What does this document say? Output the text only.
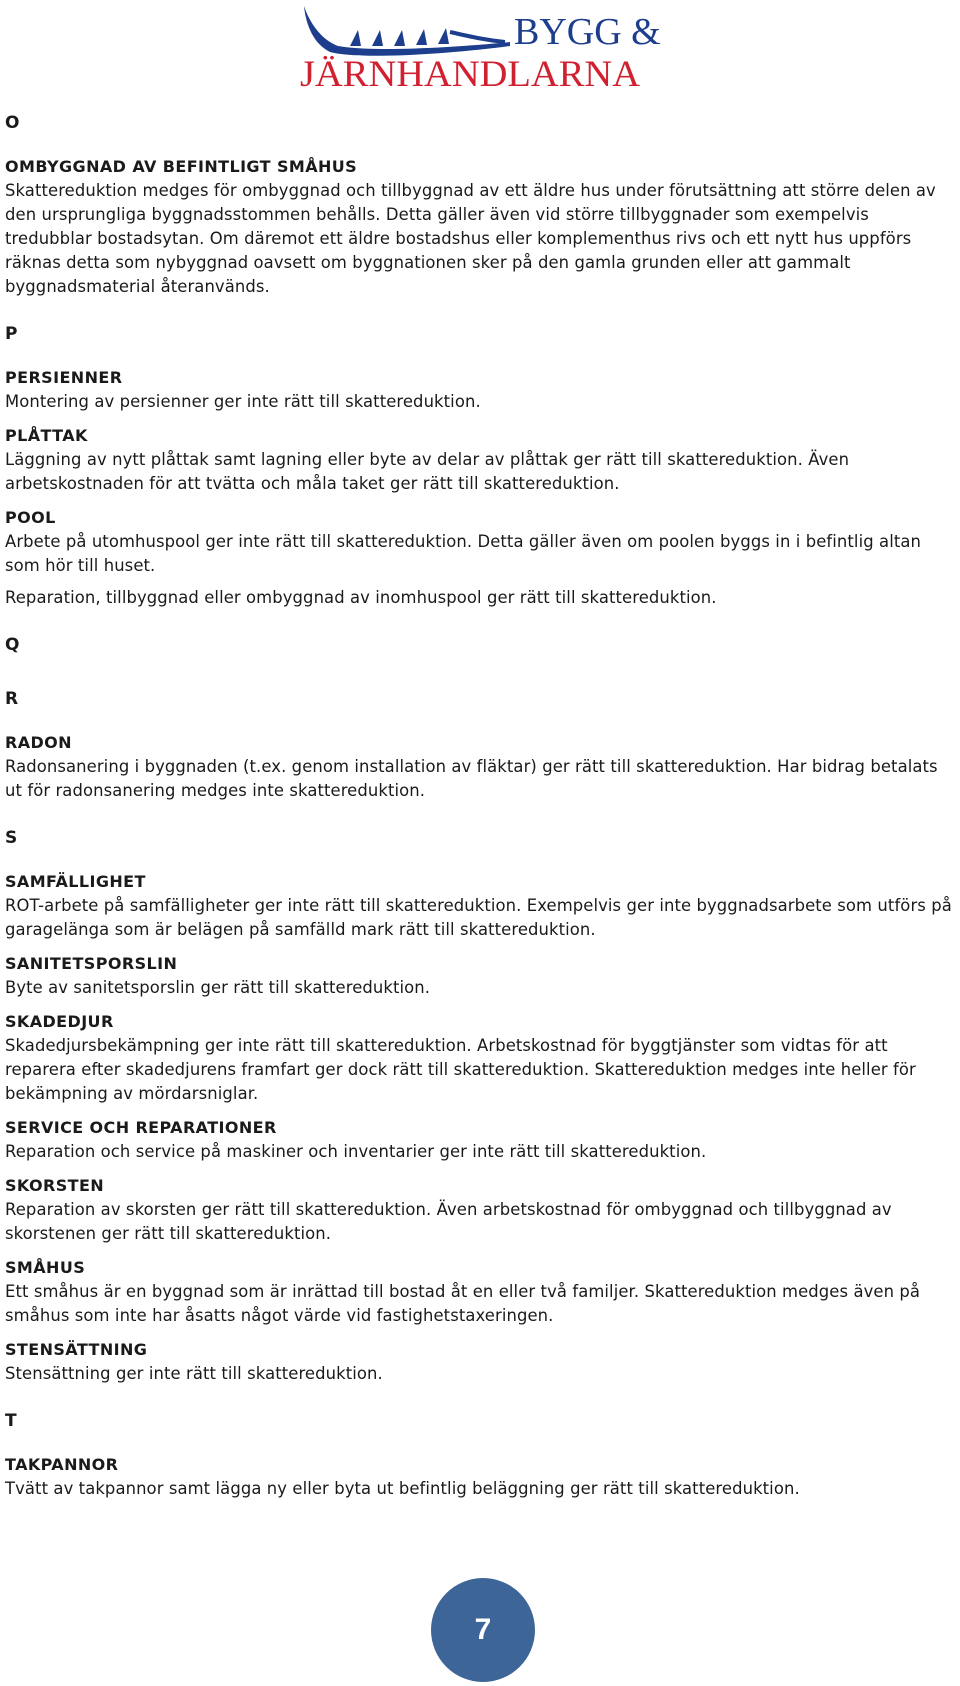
BYGG &
JÄRNHANDLARNA
O
OMBYGGNAD AV BEFINTLIGT SMÅHUS
Skattereduktion medges för ombyggnad och tillbyggnad av ett äldre hus under förutsättning att större delen av den ursprungliga byggnadsstommen behålls. Detta gäller även vid större tillbyggnader som exempelvis tredubblar bostadsytan. Om däremot ett äldre bostadshus eller komplementhus rivs och ett nytt hus uppförs räknas detta som nybyggnad oavsett om byggnationen sker på den gamla grunden eller att gammalt byggnadsmaterial återanvänds.
P
PERSIENNER
Montering av persienner ger inte rätt till skattereduktion.
PLÅTTAK
Läggning av nytt plåttak samt lagning eller byte av delar av plåttak ger rätt till skattereduktion. Även arbetskostnaden för att tvätta och måla taket ger rätt till skattereduktion.
POOL
Arbete på utomhuspool ger inte rätt till skattereduktion. Detta gäller även om poolen byggs in i befintlig altan som hör till huset.
Reparation, tillbyggnad eller ombyggnad av inomhuspool ger rätt till skattereduktion.
Q
R
RADON
Radonsanering i byggnaden (t.ex. genom installation av fläktar) ger rätt till skattereduktion. Har bidrag betalats ut för radonsanering medges inte skattereduktion.
S
SAMFÄLLIGHET
ROT-arbete på samfälligheter ger inte rätt till skattereduktion. Exempelvis ger inte byggnadsarbete som utförs på garagelänga som är belägen på samfälld mark rätt till skattereduktion.
SANITETSPORSLIN
Byte av sanitetsporslin ger rätt till skattereduktion.
SKADEDJUR
Skadedjursbekämpning ger inte rätt till skattereduktion. Arbetskostnad för byggtjänster som vidtas för att reparera efter skadedjurens framfart ger dock rätt till skattereduktion. Skattereduktion medges inte heller för bekämpning av mördarsniglar.
SERVICE OCH REPARATIONER
Reparation och service på maskiner och inventarier ger inte rätt till skattereduktion.
SKORSTEN
Reparation av skorsten ger rätt till skattereduktion. Även arbetskostnad för ombyggnad och tillbyggnad av skorstenen ger rätt till skattereduktion.
SMÅHUS
Ett småhus är en byggnad som är inrättad till bostad åt en eller två familjer. Skattereduktion medges även på småhus som inte har åsatts något värde vid fastighetstaxeringen.
STENSÄTTNING
Stensättning ger inte rätt till skattereduktion.
T
TAKPANNOR
Tvätt av takpannor samt lägga ny eller byta ut befintlig beläggning ger rätt till skattereduktion.
7
